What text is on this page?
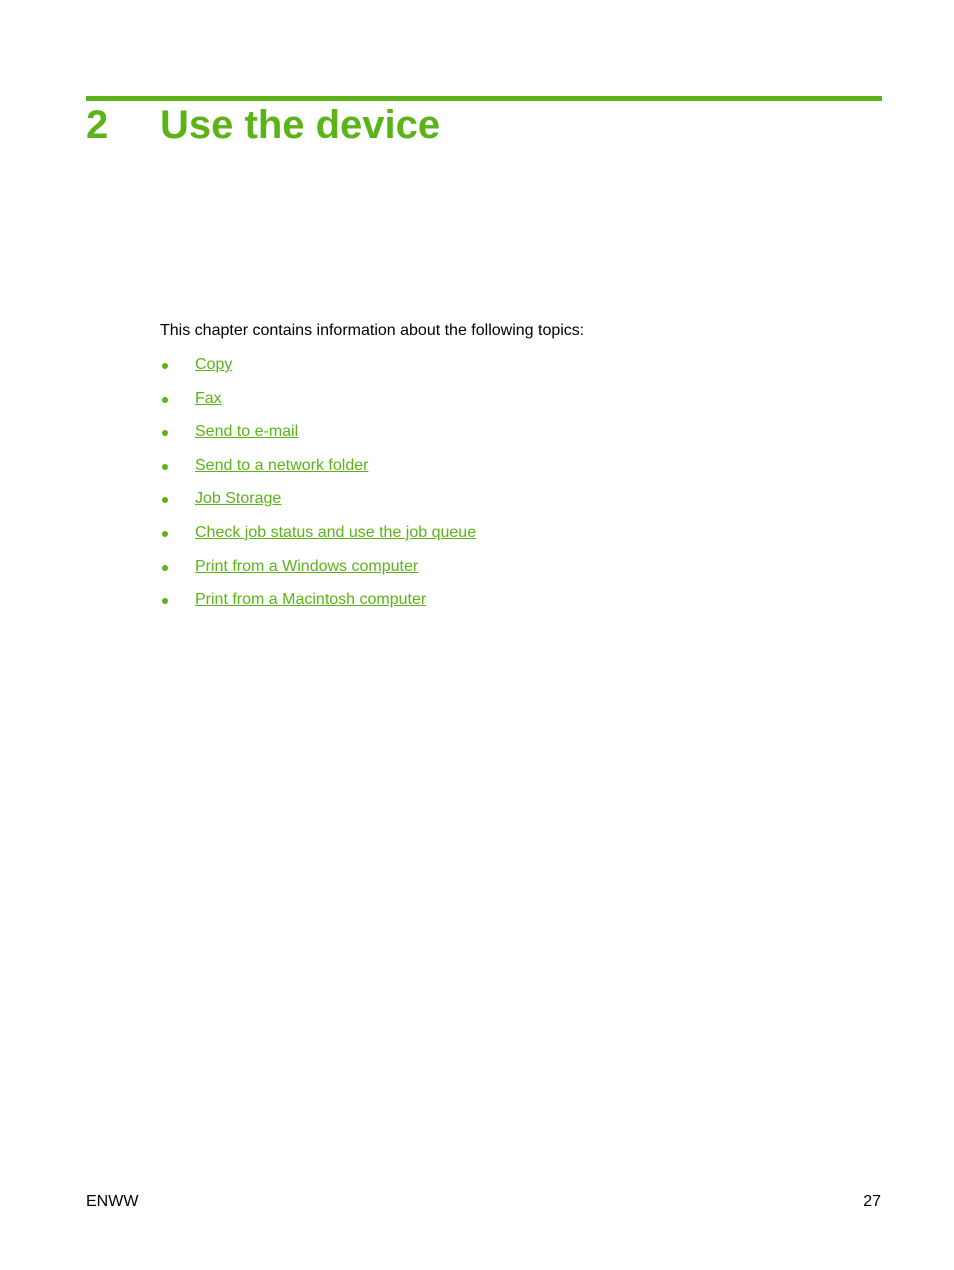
2 Use the device

This chapter contains information about the following topics:

Copy
Fax
Send to e-mail
Send to a network folder
Job Storage
Check job status and use the job queue
Print from a Windows computer
Print from a Macintosh computer
ENWW	27
